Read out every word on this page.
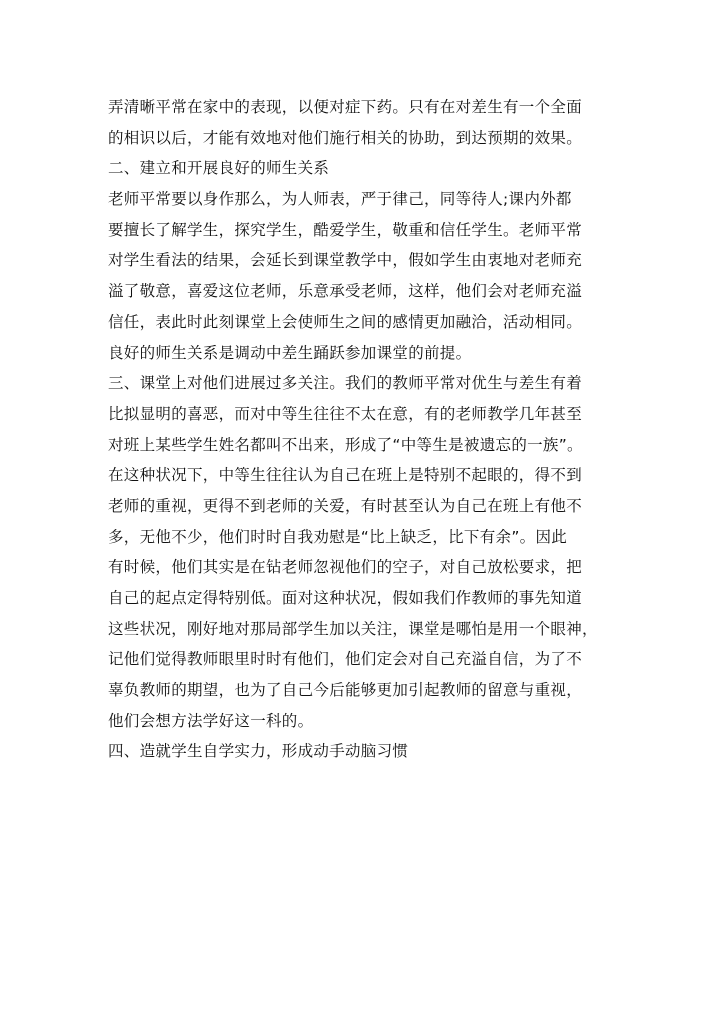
弄清晰平常在家中的表现，以便对症下药。只有在对差生有一个全面
的相识以后，才能有效地对他们施行相关的协助，到达预期的效果。
二、建立和开展良好的师生关系
老师平常要以身作那么，为人师表，严于律己，同等待人;课内外都
要擅长了解学生，探究学生，酷爱学生，敬重和信任学生。老师平常
对学生看法的结果，会延长到课堂教学中，假如学生由衷地对老师充
溢了敬意，喜爱这位老师，乐意承受老师，这样，他们会对老师充溢
信任，表此时此刻课堂上会使师生之间的感情更加融洽，活动相同。
良好的师生关系是调动中差生踊跃参加课堂的前提。
三、课堂上对他们进展过多关注。我们的教师平常对优生与差生有着
比拟显明的喜恶，而对中等生往往不太在意，有的老师教学几年甚至
对班上某些学生姓名都叫不出来，形成了“中等生是被遗忘的一族”。
在这种状况下，中等生往往认为自己在班上是特别不起眼的，得不到
老师的重视，更得不到老师的关爱，有时甚至认为自己在班上有他不
多，无他不少，他们时时自我劝慰是“比上缺乏，比下有余”。因此
有时候，他们其实是在钻老师忽视他们的空子，对自己放松要求，把
自己的起点定得特别低。面对这种状况，假如我们作教师的事先知道
这些状况，刚好地对那局部学生加以关注，课堂是哪怕是用一个眼神，
记他们觉得教师眼里时时有他们，他们定会对自己充溢自信，为了不
辜负教师的期望，也为了自己今后能够更加引起教师的留意与重视，
他们会想方法学好这一科的。
四、造就学生自学实力，形成动手动脑习惯
